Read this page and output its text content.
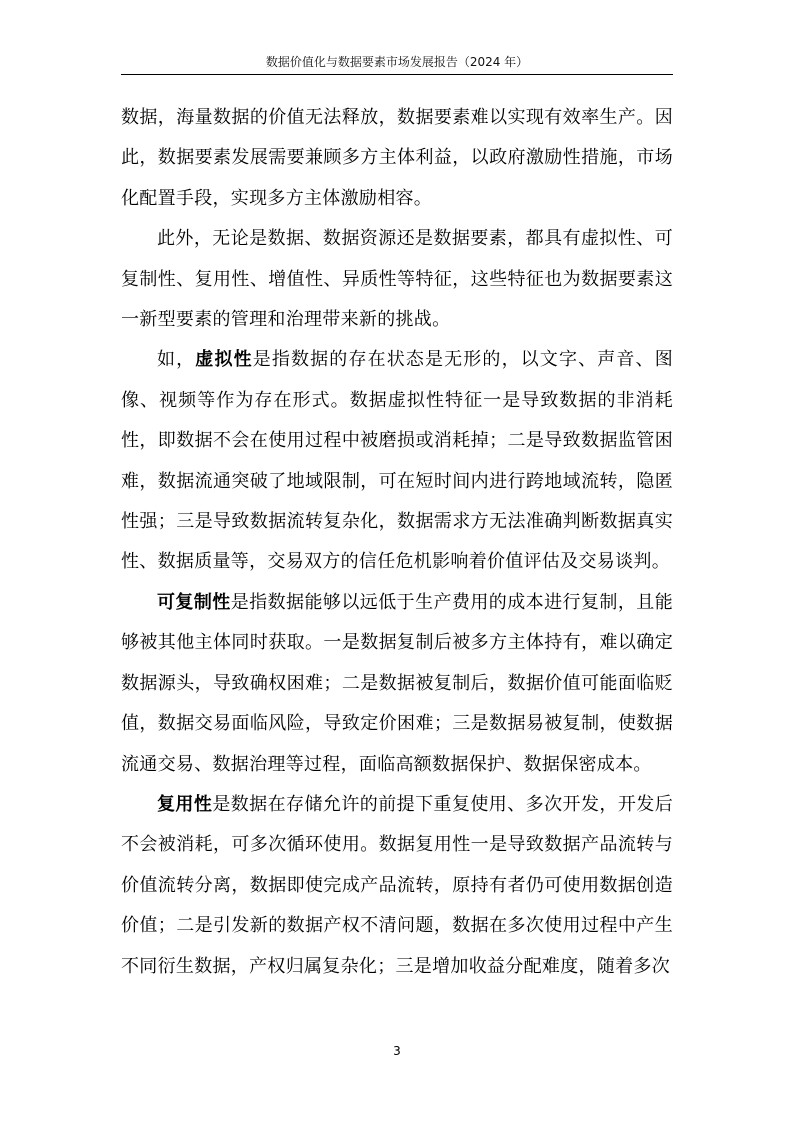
数据价值化与数据要素市场发展报告（2024 年）

数据，海量数据的价值无法释放，数据要素难以实现有效率生产。因此，数据要素发展需要兼顾多方主体利益，以政府激励性措施，市场化配置手段，实现多方主体激励相容。

此外，无论是数据、数据资源还是数据要素，都具有虚拟性、可复制性、复用性、增值性、异质性等特征，这些特征也为数据要素这一新型要素的管理和治理带来新的挑战。

如，虚拟性是指数据的存在状态是无形的，以文字、声音、图像、视频等作为存在形式。数据虚拟性特征一是导致数据的非消耗性，即数据不会在使用过程中被磨损或消耗掉；二是导致数据监管困难，数据流通突破了地域限制，可在短时间内进行跨地域流转，隐匿性强；三是导致数据流转复杂化，数据需求方无法准确判断数据真实性、数据质量等，交易双方的信任危机影响着价值评估及交易谈判。

可复制性是指数据能够以远低于生产费用的成本进行复制，且能够被其他主体同时获取。一是数据复制后被多方主体持有，难以确定数据源头，导致确权困难；二是数据被复制后，数据价值可能面临贬值，数据交易面临风险，导致定价困难；三是数据易被复制，使数据流通交易、数据治理等过程，面临高额数据保护、数据保密成本。

复用性是数据在存储允许的前提下重复使用、多次开发，开发后不会被消耗，可多次循环使用。数据复用性一是导致数据产品流转与价值流转分离，数据即使完成产品流转，原持有者仍可使用数据创造价值；二是引发新的数据产权不清问题，数据在多次使用过程中产生不同衍生数据，产权归属复杂化；三是增加收益分配难度，随着多次

3
